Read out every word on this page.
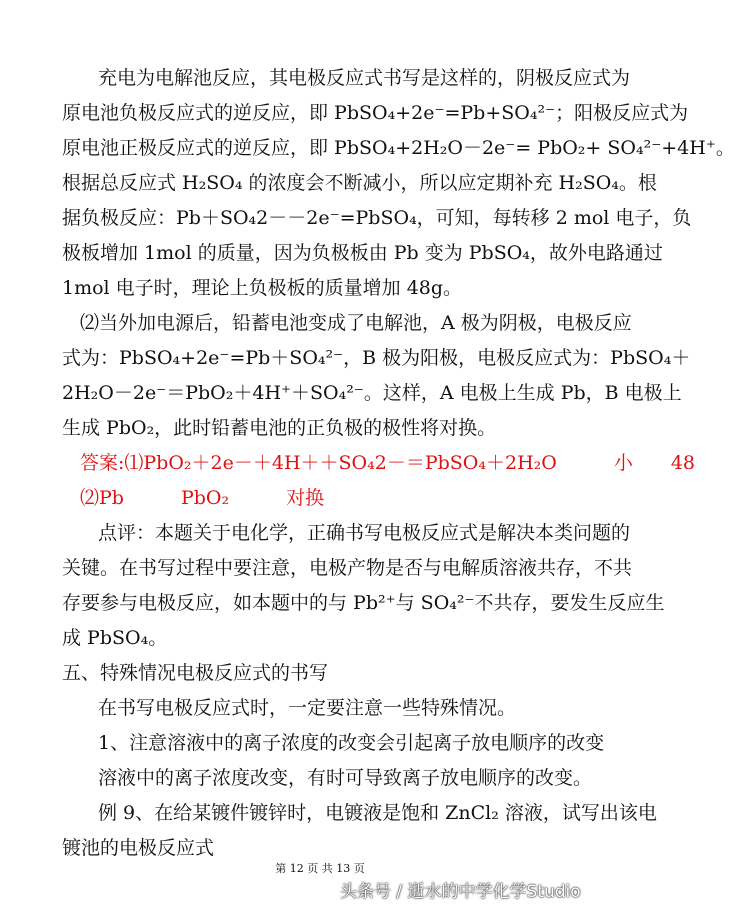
充电为电解池反应，其电极反应式书写是这样的，阴极反应式为
原电池负极反应式的逆反应，即 PbSO₄+2e⁻=Pb+SO₄²⁻；阳极反应式为
原电池正极反应式的逆反应，即 PbSO₄+2H₂O－2e⁻= PbO₂+ SO₄²⁻+4H⁺。
根据总反应式 H₂SO₄ 的浓度会不断减小，所以应定期补充 H₂SO₄。根
据负极反应：Pb＋SO₄2－－2e⁻=PbSO₄，可知，每转移 2 mol 电子，负
极板增加 1mol 的质量，因为负极板由 Pb 变为 PbSO₄，故外电路通过
1mol 电子时，理论上负极板的质量增加 48g。
⑵当外加电源后，铅蓄电池变成了电解池，A 极为阴极，电极反应
式为：PbSO₄+2e⁻=Pb＋SO₄²⁻，B 极为阳极，电极反应式为：PbSO₄＋
2H₂O－2e⁻＝PbO₂＋4H⁺＋SO₄²⁻。这样，A 电极上生成 Pb，B 电极上
生成 PbO₂，此时铅蓄电池的正负极的极性将对换。
答案:⑴PbO₂＋2e－＋4H＋＋SO₄2－＝PbSO₄＋2H₂O　　　小　　48
⑵Pb　　　PbO₂　　　对换
点评：本题关于电化学，正确书写电极反应式是解决本类问题的
关键。在书写过程中要注意，电极产物是否与电解质溶液共存，不共
存要参与电极反应，如本题中的与 Pb²⁺与 SO₄²⁻不共存，要发生反应生
成 PbSO₄。
五、特殊情况电极反应式的书写
在书写电极反应式时，一定要注意一些特殊情况。
1、注意溶液中的离子浓度的改变会引起离子放电顺序的改变
溶液中的离子浓度改变，有时可导致离子放电顺序的改变。
例 9、在给某镀件镀锌时，电镀液是饱和 ZnCl₂ 溶液，试写出该电
镀池的电极反应式
第 12 页 共 13 页
头条号 / 逝水的中学化学Studio
